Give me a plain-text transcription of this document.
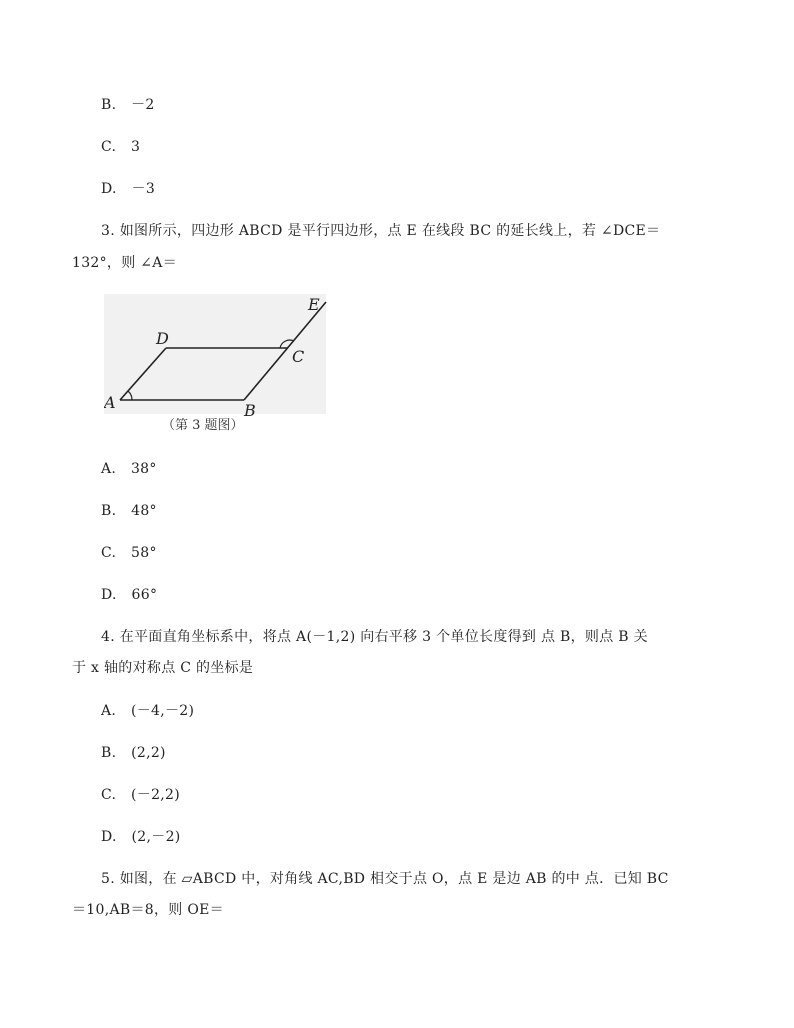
B. －2
C. 3
D. －3
3. 如图所示，四边形 ABCD 是平行四边形，点 E 在线段 BC 的延长线上，若 ∠DCE＝
132°，则 ∠A＝
A	B
C
D
E
（第 3 题图）
A. 38°
B. 48°
C. 58°
D. 66°
4. 在平面直角坐标系中，将点 A(－1,2) 向右平移 3 个单位长度得到 点 B，则点 B 关
于 x 轴的对称点 C 的坐标是
A. (－4,－2)
B. (2,2)
C. (－2,2)
D. (2,－2)
5. 如图，在 ▱ABCD 中，对角线 AC,BD 相交于点 O，点 E 是边 AB 的中 点．已知 BC
＝10,AB＝8，则 OE＝
